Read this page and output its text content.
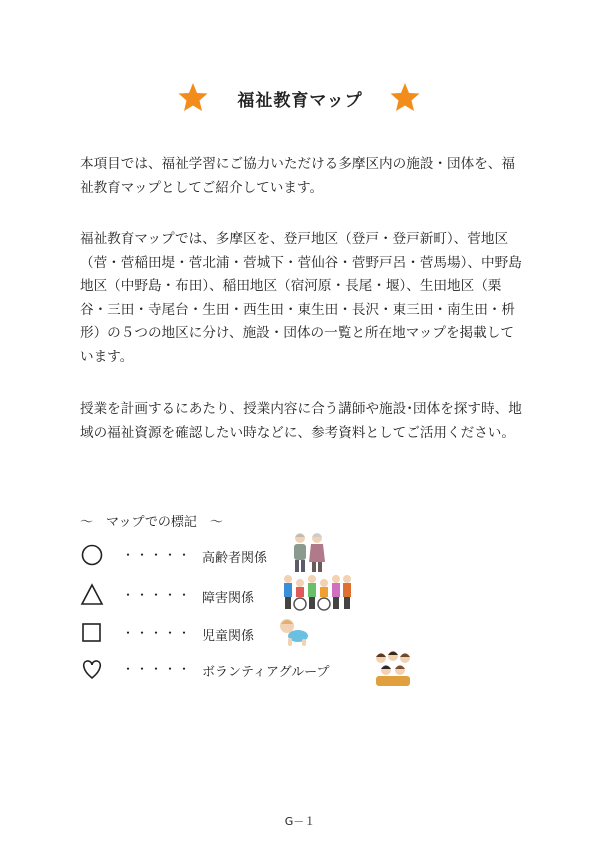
福祉教育マップ

本項目では、福祉学習にご協力いただける多摩区内の施設・団体を、福祉教育マップとしてご紹介しています。

福祉教育マップでは、多摩区を、登戸地区（登戸・登戸新町）、菅地区（菅・菅稲田堤・菅北浦・菅城下・菅仙谷・菅野戸呂・菅馬場）、中野島地区（中野島・布田）、稲田地区（宿河原・長尾・堰）、生田地区（栗谷・三田・寺尾台・生田・西生田・東生田・長沢・東三田・南生田・枡形）の５つの地区に分け、施設・団体の一覧と所在地マップを掲載しています。

授業を計画するにあたり、授業内容に合う講師や施設･団体を探す時、地域の福祉資源を確認したい時などに、参考資料としてご活用ください。

～　マップでの標記　～
・・・・・ 高齢者関係
・・・・・ 障害関係
・・・・・ 児童関係
・・・・・ ボランティアグループ
G－１
